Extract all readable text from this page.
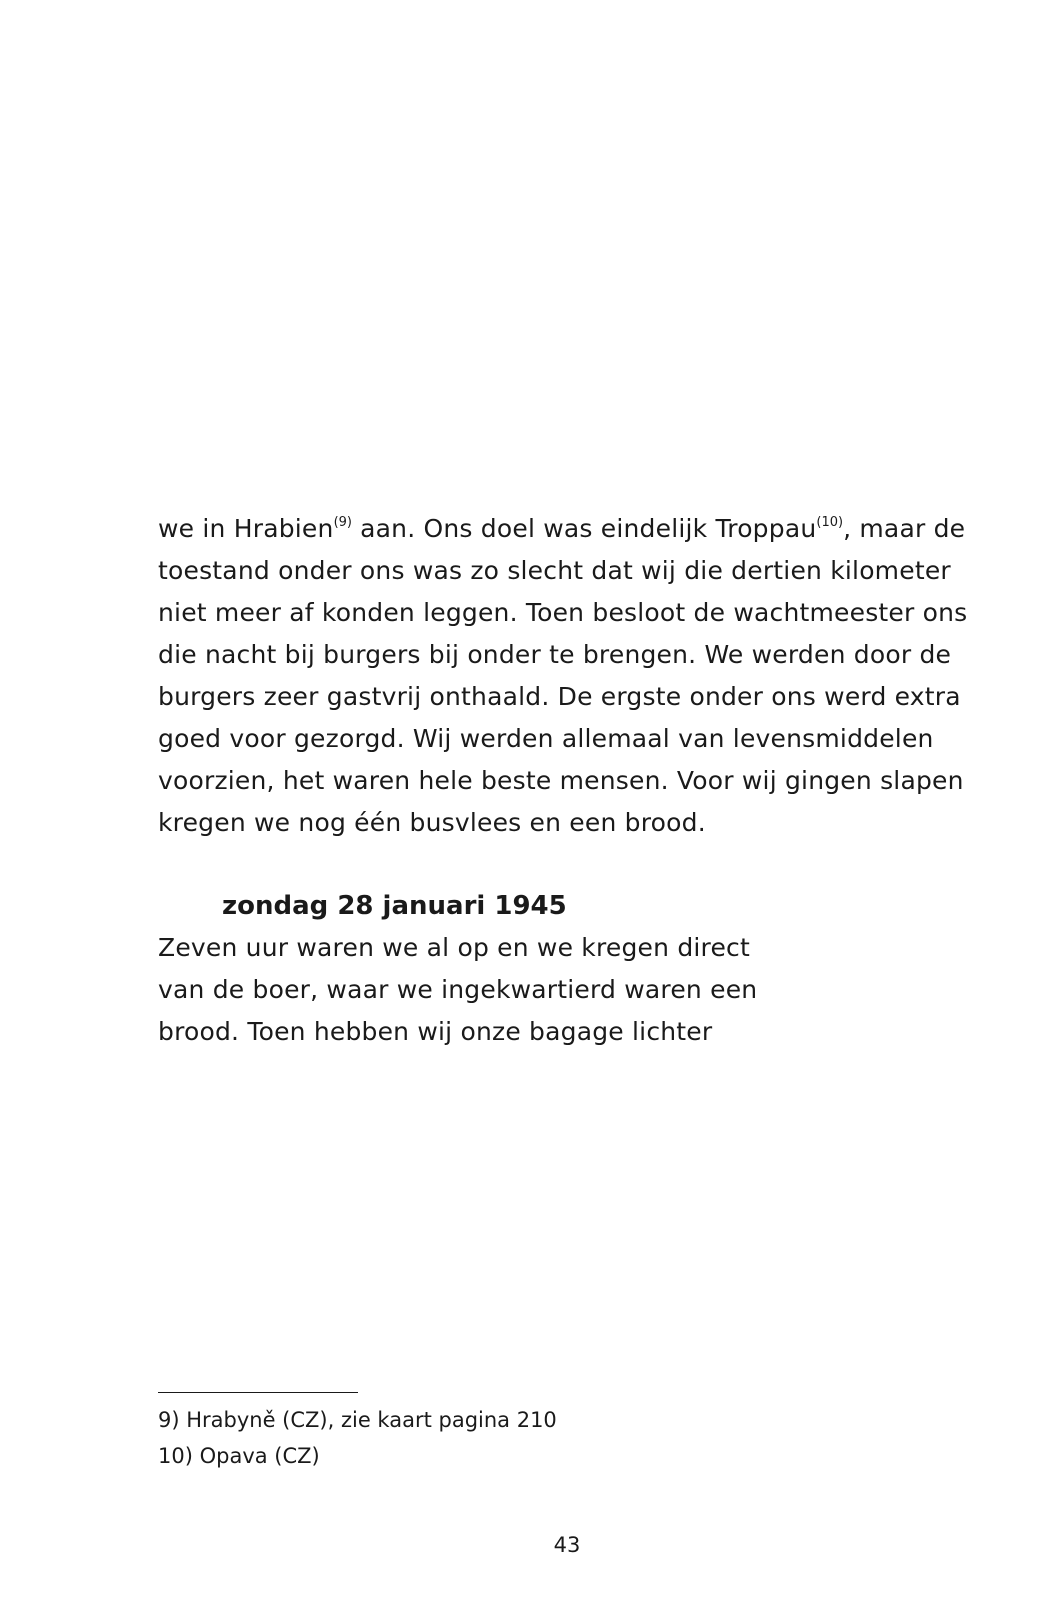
we in Hrabien$^{(9)}$ aan. Ons doel was eindelijk Troppau$^{(10)}$, maar de
toestand onder ons was zo slecht dat wij die dertien kilometer
niet meer af konden leggen. Toen besloot de wachtmeester ons
die nacht bij burgers bij onder te brengen. We werden door de
burgers zeer gastvrij onthaald. De ergste onder ons werd extra
goed voor gezorgd. Wij werden allemaal van levensmiddelen
voorzien, het waren hele beste mensen. Voor wij gingen slapen
kregen we nog één busvlees en een brood.
zondag 28 januari 1945
Zeven uur waren we al op en we kregen direct
van de boer, waar we ingekwartierd waren een
brood. Toen hebben wij onze bagage lichter
9) Hrabyně (CZ), zie kaart pagina 210
10) Opava (CZ)
43
